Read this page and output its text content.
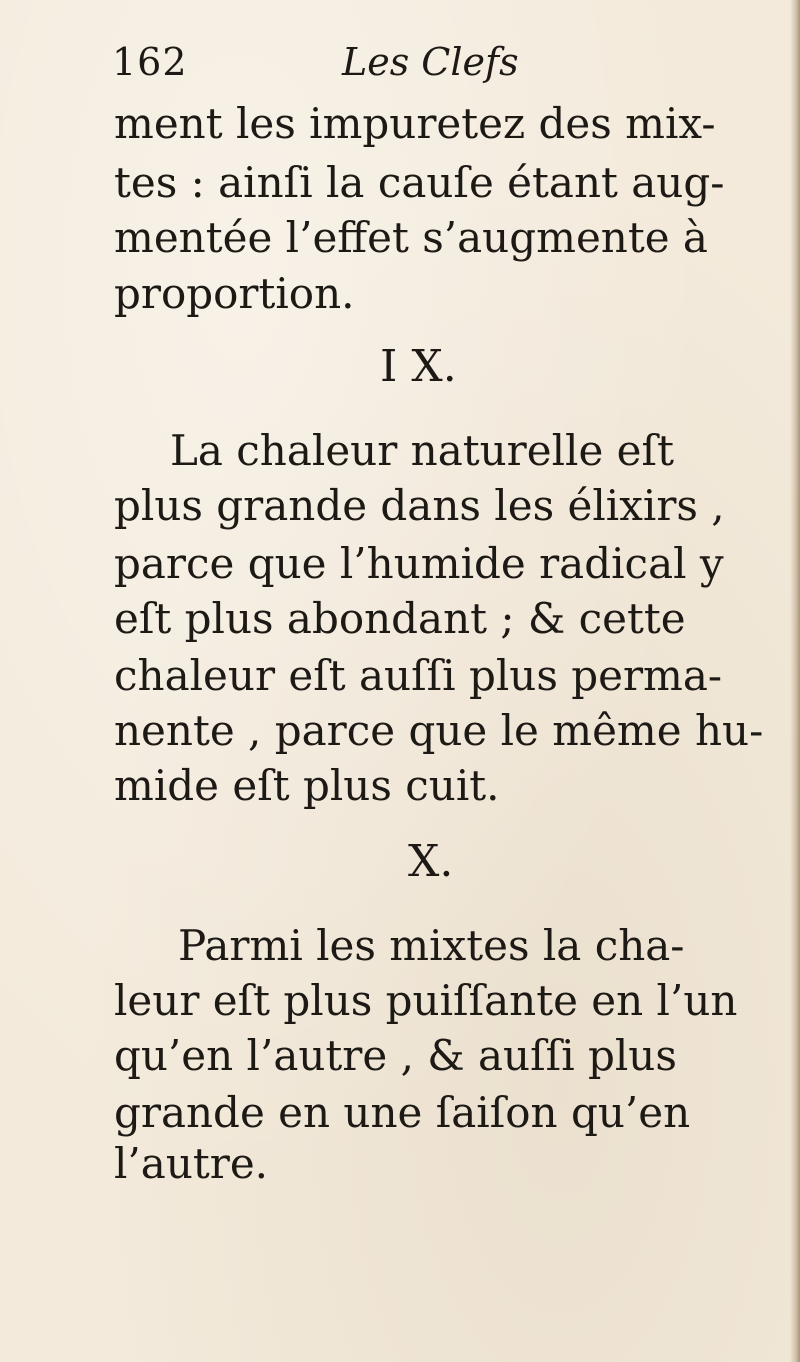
162	Les Clefs
ment les impuretez des mix-
tes : ainſi la cauſe étant aug-
mentée l’effet s’augmente à
proportion.
I X.
La chaleur naturelle eſt
plus grande dans les élixirs ,
parce que l’humide radical y
eſt plus abondant ; & cette
chaleur eſt auſſi plus perma-
nente , parce que le même hu-
mide eſt plus cuit.
X.
Parmi les mixtes la cha-
leur eſt plus puiſſante en l’un
qu’en l’autre , & auſſi plus
grande en une ſaiſon qu’en
l’autre.
